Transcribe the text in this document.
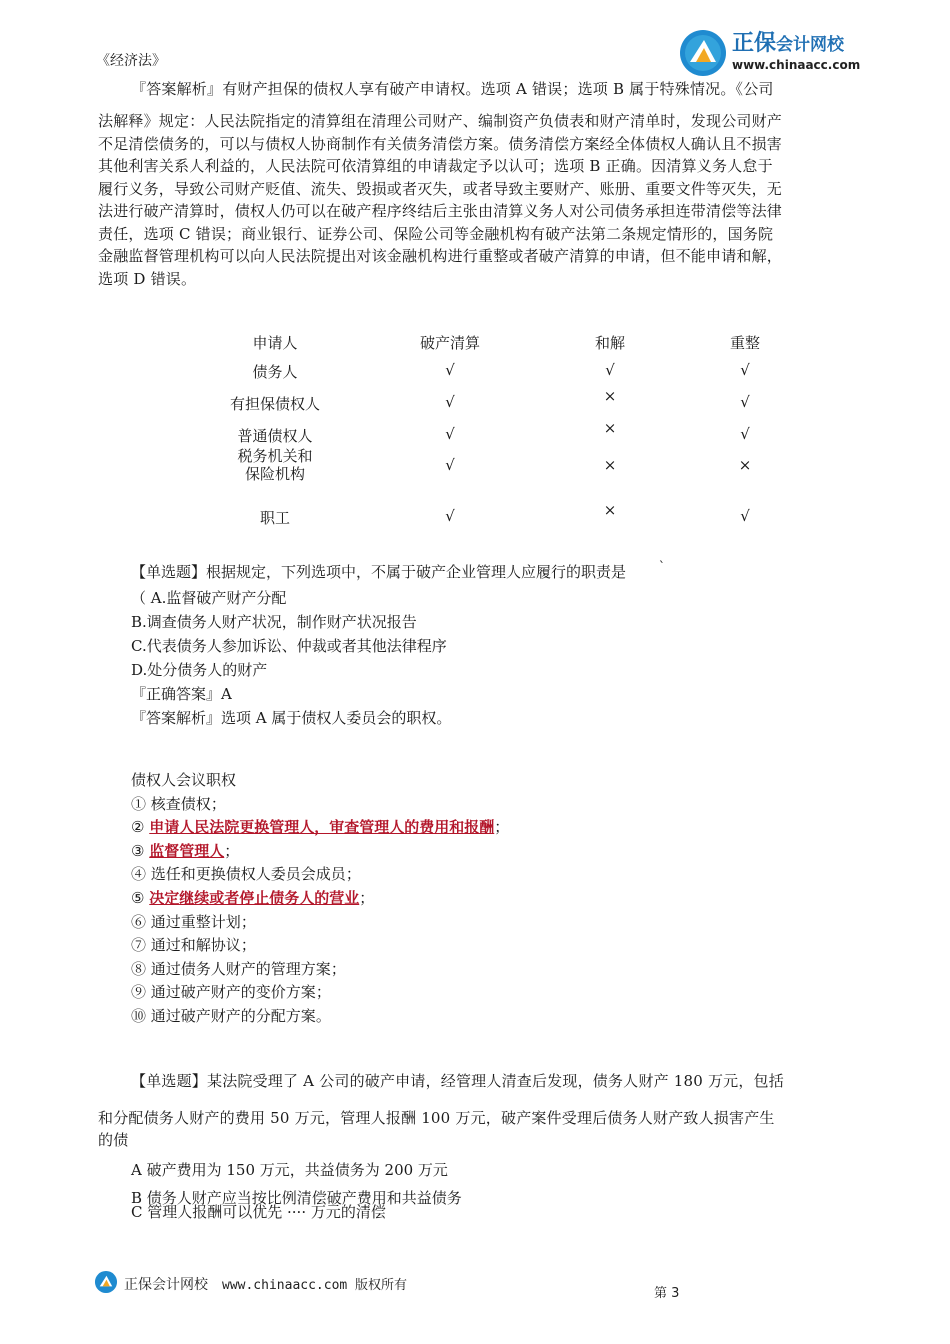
《经济法》
正保会计网校
www.chinaacc.com
『答案解析』有财产担保的债权人享有破产申请权。选项 A 错误；选项 B 属于特殊情况。《公司
法解释》规定：人民法院指定的清算组在清理公司财产、编制资产负债表和财产清单时，发现公司财产
不足清偿债务的，可以与债权人协商制作有关债务清偿方案。债务清偿方案经全体债权人确认且不损害
其他利害关系人利益的，人民法院可依清算组的申请裁定予以认可；选项 B 正确。因清算义务人怠于
履行义务，导致公司财产贬值、流失、毁损或者灭失，或者导致主要财产、账册、重要文件等灭失，无
法进行破产清算时，债权人仍可以在破产程序终结后主张由清算义务人对公司债务承担连带清偿等法律
责任，选项 C 错误；商业银行、证券公司、保险公司等金融机构有破产法第二条规定情形的，国务院
金融监督管理机构可以向人民法院提出对该金融机构进行重整或者破产清算的申请，但不能申请和解，
选项 D 错误。
申请人	破产清算	和解	重整

债务人	√	√	√

有担保债权人	√	×	√

普通债权人	√	×	√

税务机关和
保险机构	√	×	×

职工	√	×	√
【单选题】根据规定，下列选项中，不属于破产企业管理人应履行的职责是	`
（ A.监督破产财产分配
B.调查债务人财产状况，制作财产状况报告
C.代表债务人参加诉讼、仲裁或者其他法律程序
D.处分债务人的财产
『正确答案』A
『答案解析』选项 A 属于债权人委员会的职权。
债权人会议职权
① 核查债权；
② 申请人民法院更换管理人，审查管理人的费用和报酬；
③ 监督管理人；
④ 选任和更换债权人委员会成员；
⑤ 决定继续或者停止债务人的营业；
⑥ 通过重整计划；
⑦ 通过和解协议；
⑧ 通过债务人财产的管理方案；
⑨ 通过破产财产的变价方案；
⑩ 通过破产财产的分配方案。
【单选题】某法院受理了 A 公司的破产申请，经管理人清查后发现，债务人财产 180 万元，包括
和分配债务人财产的费用 50 万元，管理人报酬 100 万元，破产案件受理后债务人财产致人损害产生
的债
A 破产费用为 150 万元，共益债务为 200 万元
B 债务人财产应当按比例清偿破产费用和共益债务
C 管理人报酬可以优先 ···· 万元的清偿
正保会计网校 www.chinaacc.com 版权所有
第 3
